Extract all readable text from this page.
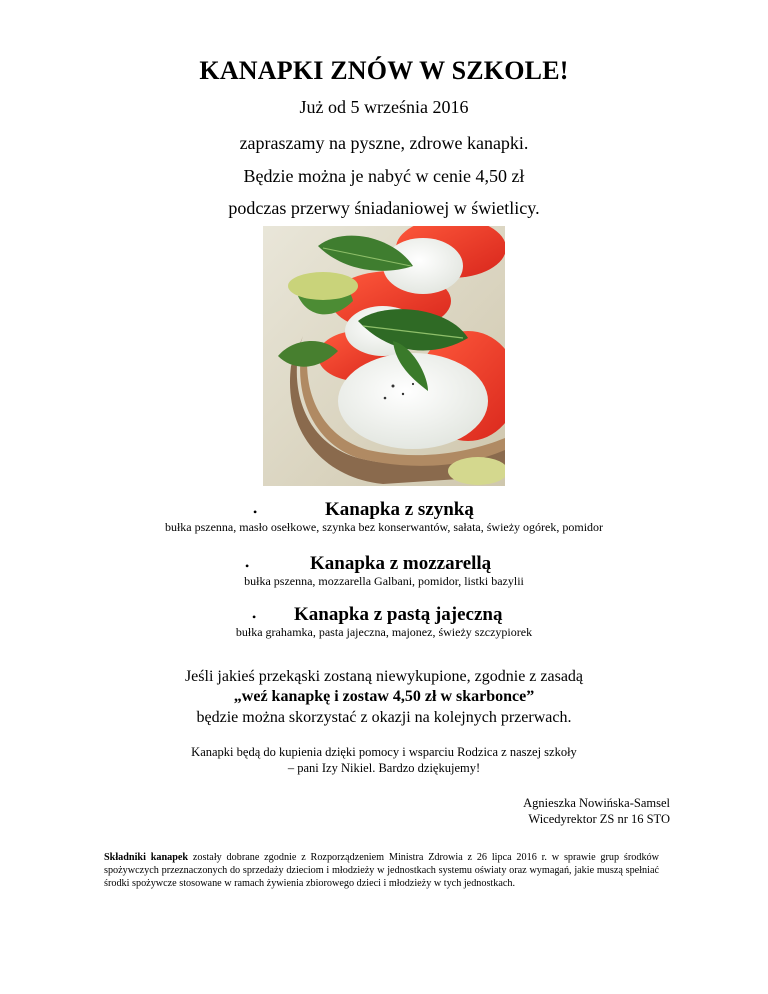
KANAPKI ZNÓW W SZKOLE!
Już od 5 września 2016
zapraszamy na pyszne, zdrowe kanapki.
Będzie można je nabyć w cenie 4,50 zł
podczas przerwy śniadaniowej w świetlicy.
•	Kanapka z szynką
bułka pszenna, masło osełkowe, szynka bez konserwantów, sałata, świeży ogórek, pomidor
•	Kanapka z mozzarellą
bułka pszenna, mozzarella Galbani, pomidor, listki bazylii
• Kanapka z pastą jajeczną
bułka grahamka, pasta jajeczna, majonez, świeży szczypiorek
Jeśli jakieś przekąski zostaną niewykupione, zgodnie z zasadą
„weź kanapkę i zostaw 4,50 zł w skarbonce”
będzie można skorzystać z okazji na kolejnych przerwach.
Kanapki będą do kupienia dzięki pomocy i wsparciu Rodzica z naszej szkoły
– pani Izy Nikiel. Bardzo dziękujemy!
Agnieszka Nowińska-Samsel
Wicedyrektor ZS nr 16 STO
Składniki kanapek zostały dobrane zgodnie z Rozporządzeniem Ministra Zdrowia z 26 lipca 2016 r. w sprawie grup środków spożywczych przeznaczonych do sprzedaży dzieciom i młodzieży w jednostkach systemu oświaty oraz wymagań, jakie muszą spełniać środki spożywcze stosowane w ramach żywienia zbiorowego dzieci i młodzieży w tych jednostkach.
